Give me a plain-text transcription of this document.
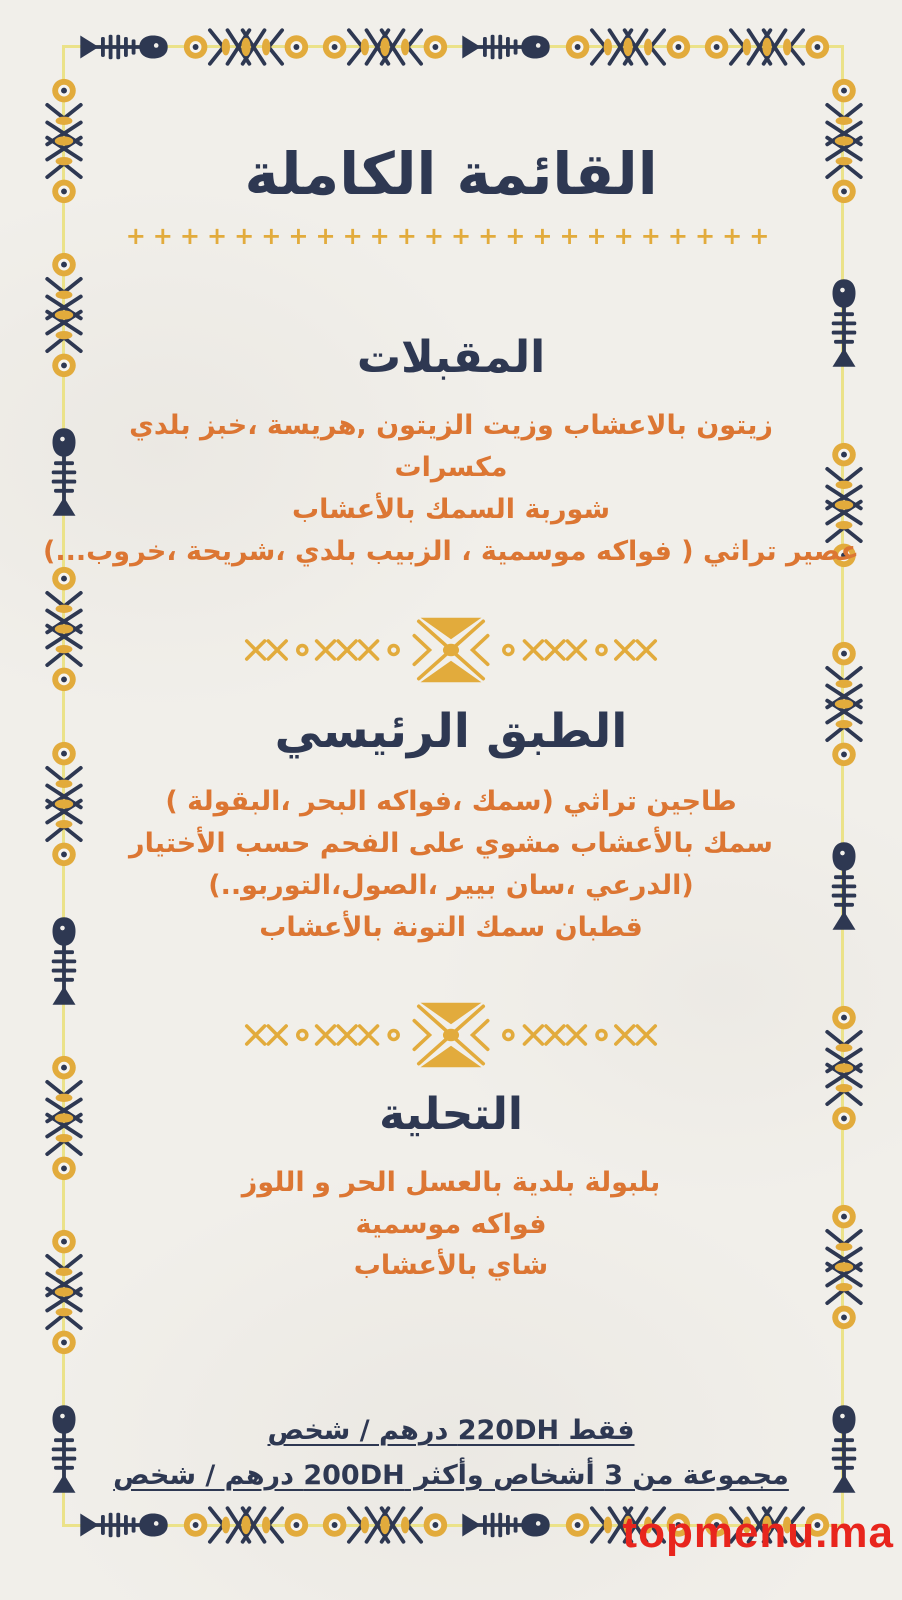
القائمة الكاملة
++++++++++++++++++++++++
المقبلات
زيتون بالاعشاب وزيت الزيتون ,هريسة ،خبز بلدي
مكسرات
شوربة السمك بالأعشاب
عصير تراثي ( فواكه موسمية ، الزبيب بلدي ،شريحة ،خروب...)
الطبق الرئيسي
طاجين تراثي (سمك ،فواكه البحر ،البقولة )
سمك بالأعشاب مشوي على الفحم حسب الأختيار
(الدرعي ،سان بيير ،الصول،التوربو..)
قطبان سمك التونة بالأعشاب
التحلية
بلبولة بلدية بالعسل الحر و اللوز
فواكه موسمية
شاي بالأعشاب
فقط 220DH درهم / شخص
مجموعة من 3 أشخاص وأكثر 200DH درهم / شخص
topmenu.ma
